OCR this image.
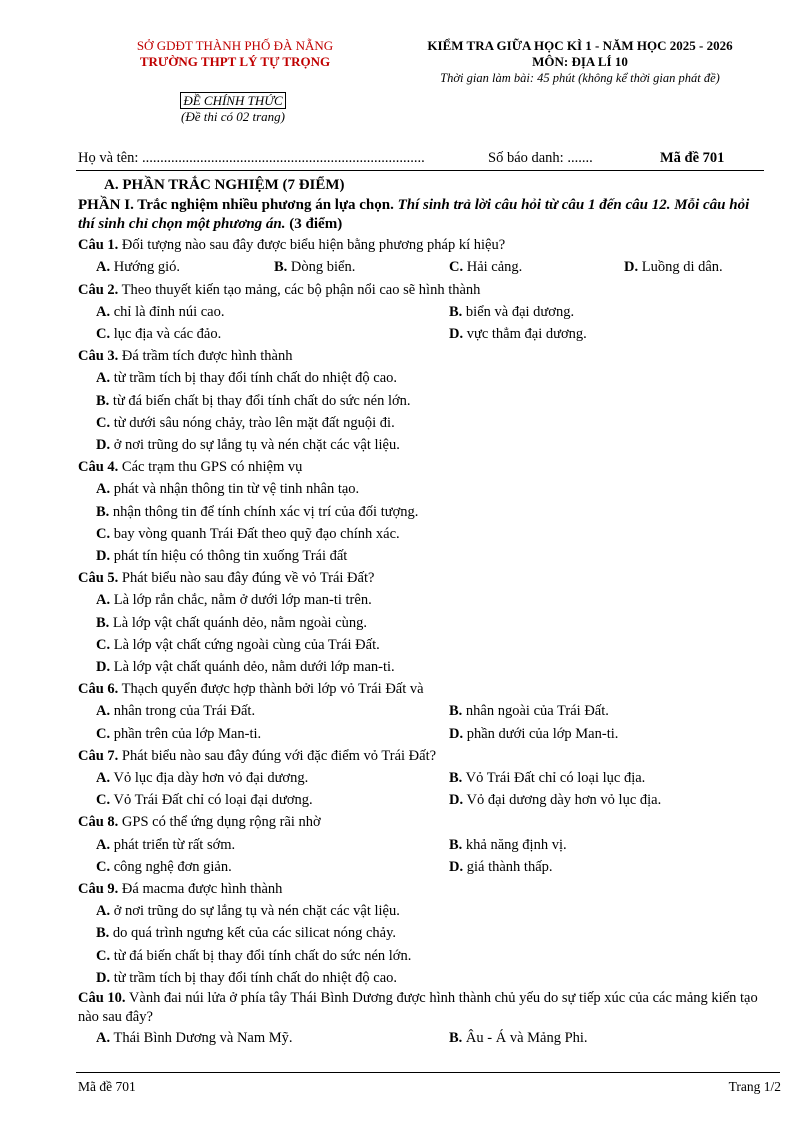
SỞ GDĐT THÀNH PHỐ ĐÀ NẴNG
TRƯỜNG THPT LÝ TỰ TRỌNG
KIỂM TRA GIỮA HỌC KÌ 1 - NĂM HỌC 2025 - 2026
MÔN: ĐỊA LÍ 10
Thời gian làm bài: 45 phút (không kể thời gian phát đề)
ĐỀ CHÍNH THỨC
(Đề thi có 02 trang)
Họ và tên: ..............................................................................	Số báo danh: .......	Mã đề 701
A. PHẦN TRẮC NGHIỆM (7 ĐIỂM)
PHẦN I. Trắc nghiệm nhiều phương án lựa chọn. Thí sinh trả lời câu hỏi từ câu 1 đến câu 12. Mỗi câu hỏi thí sinh chỉ chọn một phương án. (3 điểm)
Câu 1. Đối tượng nào sau đây được biểu hiện bằng phương pháp kí hiệu?
A. Hướng gió.	B. Dòng biển.	C. Hải cảng.	D. Luồng di dân.
Câu 2. Theo thuyết kiến tạo mảng, các bộ phận nổi cao sẽ hình thành
A. chỉ là đỉnh núi cao.	B. biển và đại dương.
C. lục địa và các đảo.	D. vực thẳm đại dương.
Câu 3. Đá trầm tích được hình thành
A. từ trầm tích bị thay đổi tính chất do nhiệt độ cao.
B. từ đá biến chất bị thay đổi tính chất do sức nén lớn.
C. từ dưới sâu nóng chảy, trào lên mặt đất nguội đi.
D. ở nơi trũng do sự lắng tụ và nén chặt các vật liệu.
Câu 4. Các trạm thu GPS có nhiệm vụ
A. phát và nhận thông tin từ vệ tinh nhân tạo.
B. nhận thông tin để tính chính xác vị trí của đối tượng.
C. bay vòng quanh Trái Đất theo quỹ đạo chính xác.
D. phát tín hiệu có thông tin xuống Trái đất
Câu 5. Phát biểu nào sau đây đúng về vỏ Trái Đất?
A. Là lớp rắn chắc, nằm ở dưới lớp man-ti trên.
B. Là lớp vật chất quánh dẻo, nằm ngoài cùng.
C. Là lớp vật chất cứng ngoài cùng của Trái Đất.
D. Là lớp vật chất quánh dẻo, nằm dưới lớp man-ti.
Câu 6. Thạch quyển được hợp thành bởi lớp vỏ Trái Đất và
A. nhân trong của Trái Đất.	B. nhân ngoài của Trái Đất.
C. phần trên của lớp Man-ti.	D. phần dưới của lớp Man-ti.
Câu 7. Phát biểu nào sau đây đúng với đặc điểm vỏ Trái Đất?
A. Vỏ lục địa dày hơn vỏ đại dương.	B. Vỏ Trái Đất chỉ có loại lục địa.
C. Vỏ Trái Đất chỉ có loại đại dương.	D. Vỏ đại dương dày hơn vỏ lục địa.
Câu 8. GPS có thể ứng dụng rộng rãi nhờ
A. phát triển từ rất sớm.	B. khả năng định vị.
C. công nghệ đơn giản.	D. giá thành thấp.
Câu 9. Đá macma được hình thành
A. ở nơi trũng do sự lắng tụ và nén chặt các vật liệu.
B. do quá trình ngưng kết của các silicat nóng chảy.
C. từ đá biến chất bị thay đổi tính chất do sức nén lớn.
D. từ trầm tích bị thay đổi tính chất do nhiệt độ cao.
Câu 10. Vành đai núi lửa ở phía tây Thái Bình Dương được hình thành chủ yếu do sự tiếp xúc của các mảng kiến tạo nào sau đây?
A. Thái Bình Dương và Nam Mỹ.	B. Âu - Á và Mảng Phi.
Mã đề 701	Trang 1/2
